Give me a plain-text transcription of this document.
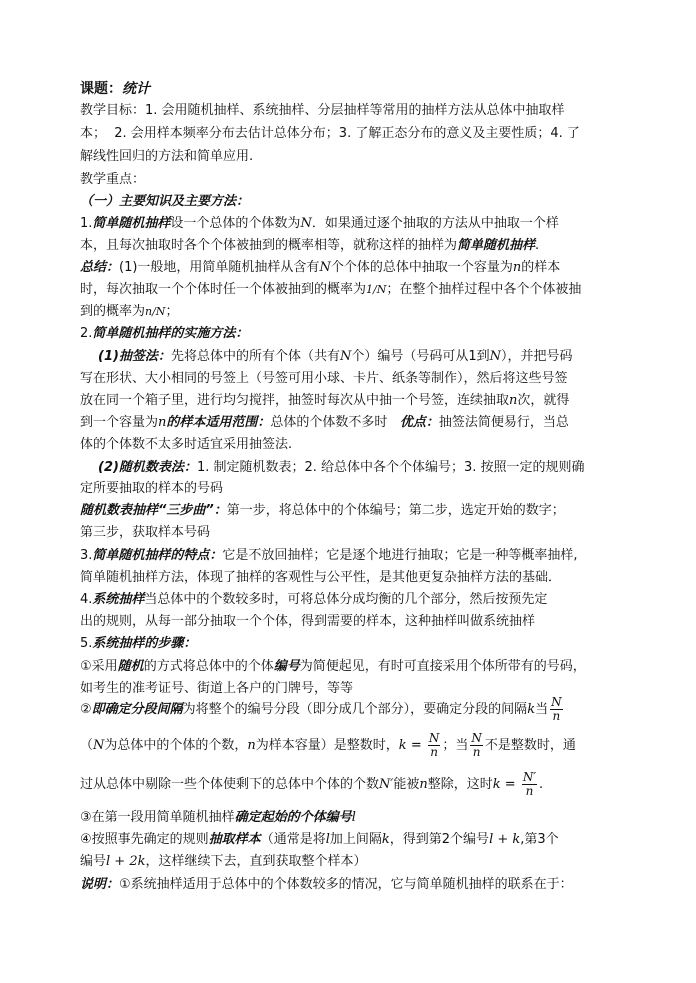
课题：统计
教学目标：1. 会用随机抽样、系统抽样、分层抽样等常用的抽样方法从总体中抽取样
本；  2. 会用样本频率分布去估计总体分布；3. 了解正态分布的意义及主要性质；4. 了
解线性回归的方法和简单应用.
教学重点：
（一）主要知识及主要方法：
1.简单随机抽样设一个总体的个体数为N．如果通过逐个抽取的方法从中抽取一个样
本，且每次抽取时各个个体被抽到的概率相等，就称这样的抽样为简单随机抽样.
总结：(1)一般地，用简单随机抽样从含有N个个体的总体中抽取一个容量为n的样本
时，每次抽取一个个体时任一个体被抽到的概率为1/N；在整个抽样过程中各个个体被抽
到的概率为n/N；
2.简单随机抽样的实施方法：
(1)抽签法：先将总体中的所有个体（共有N个）编号（号码可从1到N），并把号码
写在形状、大小相同的号签上（号签可用小球、卡片、纸条等制作），然后将这些号签
放在同一个箱子里，进行均匀搅拌，抽签时每次从中抽一个号签，连续抽取n次，就得
到一个容量为n的样本适用范围：总体的个体数不多时 优点：抽签法简便易行，当总
体的个体数不太多时适宜采用抽签法.
(2)随机数表法：1. 制定随机数表；2. 给总体中各个个体编号；3. 按照一定的规则确
定所要抽取的样本的号码
随机数表抽样“三步曲”：第一步，将总体中的个体编号；第二步，选定开始的数字；
第三步，获取样本号码
3.简单随机抽样的特点：它是不放回抽样；它是逐个地进行抽取；它是一种等概率抽样,
简单随机抽样方法，体现了抽样的客观性与公平性，是其他更复杂抽样方法的基础．
4.系统抽样当总体中的个数较多时，可将总体分成均衡的几个部分，然后按预先定
出的规则，从每一部分抽取一个个体，得到需要的样本，这种抽样叫做系统抽样
5.系统抽样的步骤：
①采用随机的方式将总体中的个体编号为简便起见，有时可直接采用个体所带有的号码，
如考生的准考证号、街道上各户的门牌号，等等
②即确定分段间隔为将整个的编号分段（即分成几个部分），要确定分段的间隔k当 $\frac{N}{n}$
（N为总体中的个体的个数，n为样本容量）是整数时，$k = \frac{N}{n}$ ；当 $\frac{N}{n}$ 不是整数时，通
过从总体中剔除一些个体使剩下的总体中个体的个数N′能被n整除，这时$k = \frac{N'}{n}$ .
③在第一段用简单随机抽样确定起始的个体编号l
④按照事先确定的规则抽取样本（通常是将l加上间隔k，得到第2个编号l + k,第3个
编号l + 2k，这样继续下去，直到获取整个样本）
说明：①系统抽样适用于总体中的个体数较多的情况，它与简单随机抽样的联系在于：
